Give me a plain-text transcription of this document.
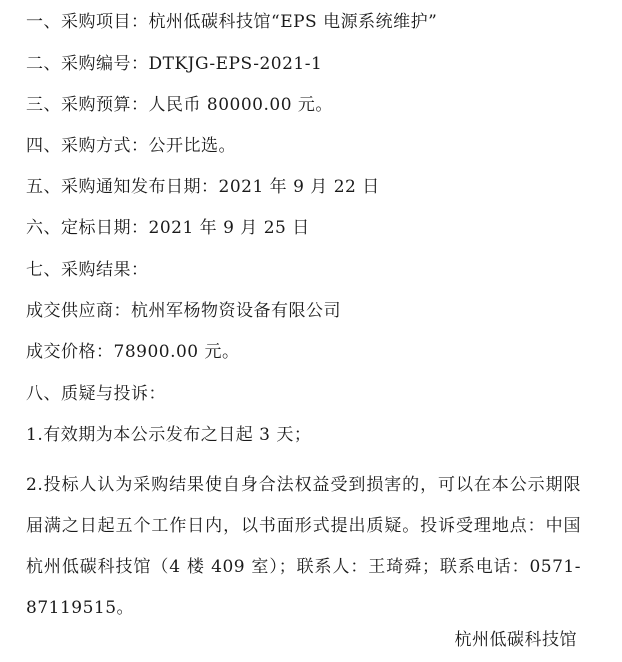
一、采购项目：杭州低碳科技馆“EPS 电源系统维护”
二、采购编号：DTKJG-EPS-2021-1
三、采购预算：人民币 80000.00 元。
四、采购方式：公开比选。
五、采购通知发布日期：2021 年 9 月 22 日
六、定标日期：2021 年 9 月 25 日
七、采购结果：
成交供应商：杭州军杨物资设备有限公司
成交价格：78900.00 元。
八、质疑与投诉：
1.有效期为本公示发布之日起 3 天；
2.投标人认为采购结果使自身合法权益受到损害的，可以在本公示期限届满之日起五个工作日内，以书面形式提出质疑。投诉受理地点：中国杭州低碳科技馆（4 楼 409 室）；联系人：王琦舜；联系电话：0571-87119515。
杭州低碳科技馆
